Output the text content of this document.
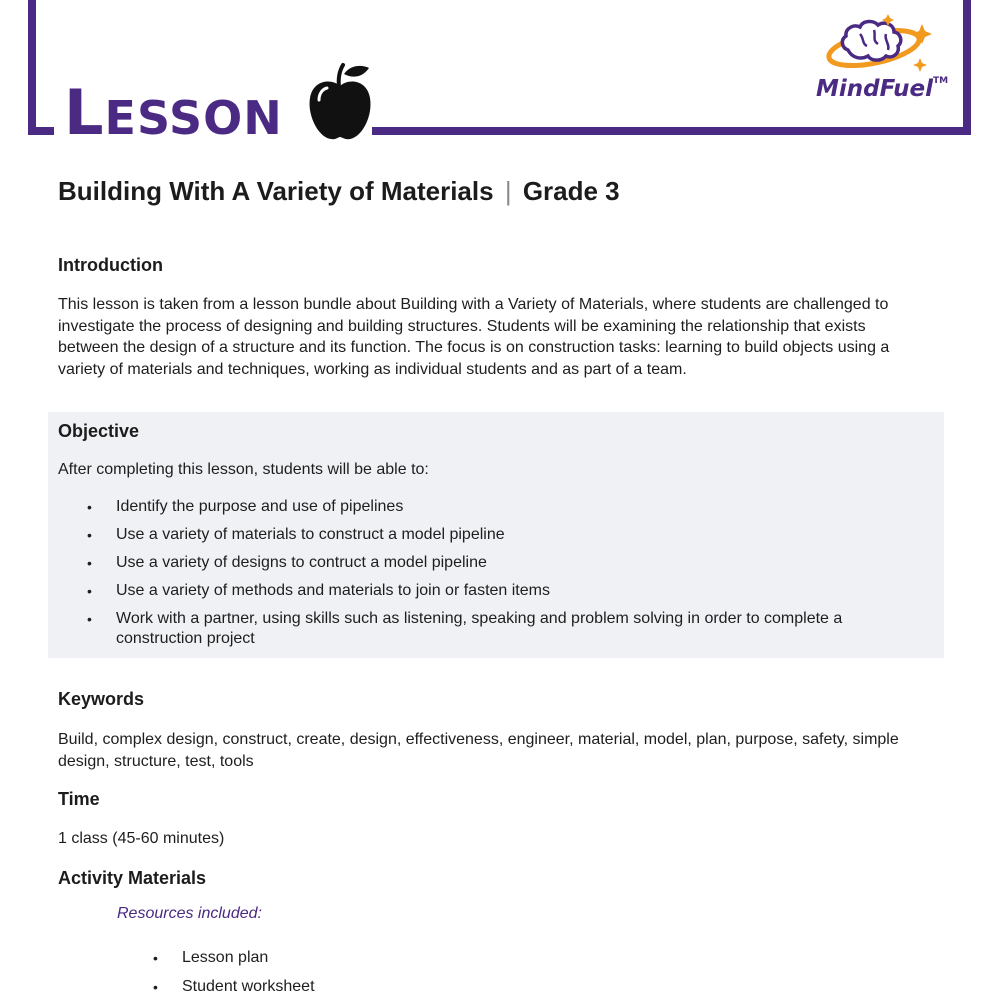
LESSON
MindFuel™
Building With A Variety of Materials | Grade 3
Introduction

This lesson is taken from a lesson bundle about Building with a Variety of Materials, where students are challenged to investigate the process of designing and building structures. Students will be examining the relationship that exists between the design of a structure and its function. The focus is on construction tasks: learning to build objects using a variety of materials and techniques, working as individual students and as part of a team.

Objective

After completing this lesson, students will be able to:

• Identify the purpose and use of pipelines
• Use a variety of materials to construct a model pipeline
• Use a variety of designs to contruct a model pipeline
• Use a variety of methods and materials to join or fasten items
• Work with a partner, using skills such as listening, speaking and problem solving in order to complete a construction project
Keywords

Build, complex design, construct, create, design, effectiveness, engineer, material, model, plan, purpose, safety, simple design, structure, test, tools

Time

1 class (45-60 minutes)

Activity Materials
Resources included:
• Lesson plan
• Student worksheet
